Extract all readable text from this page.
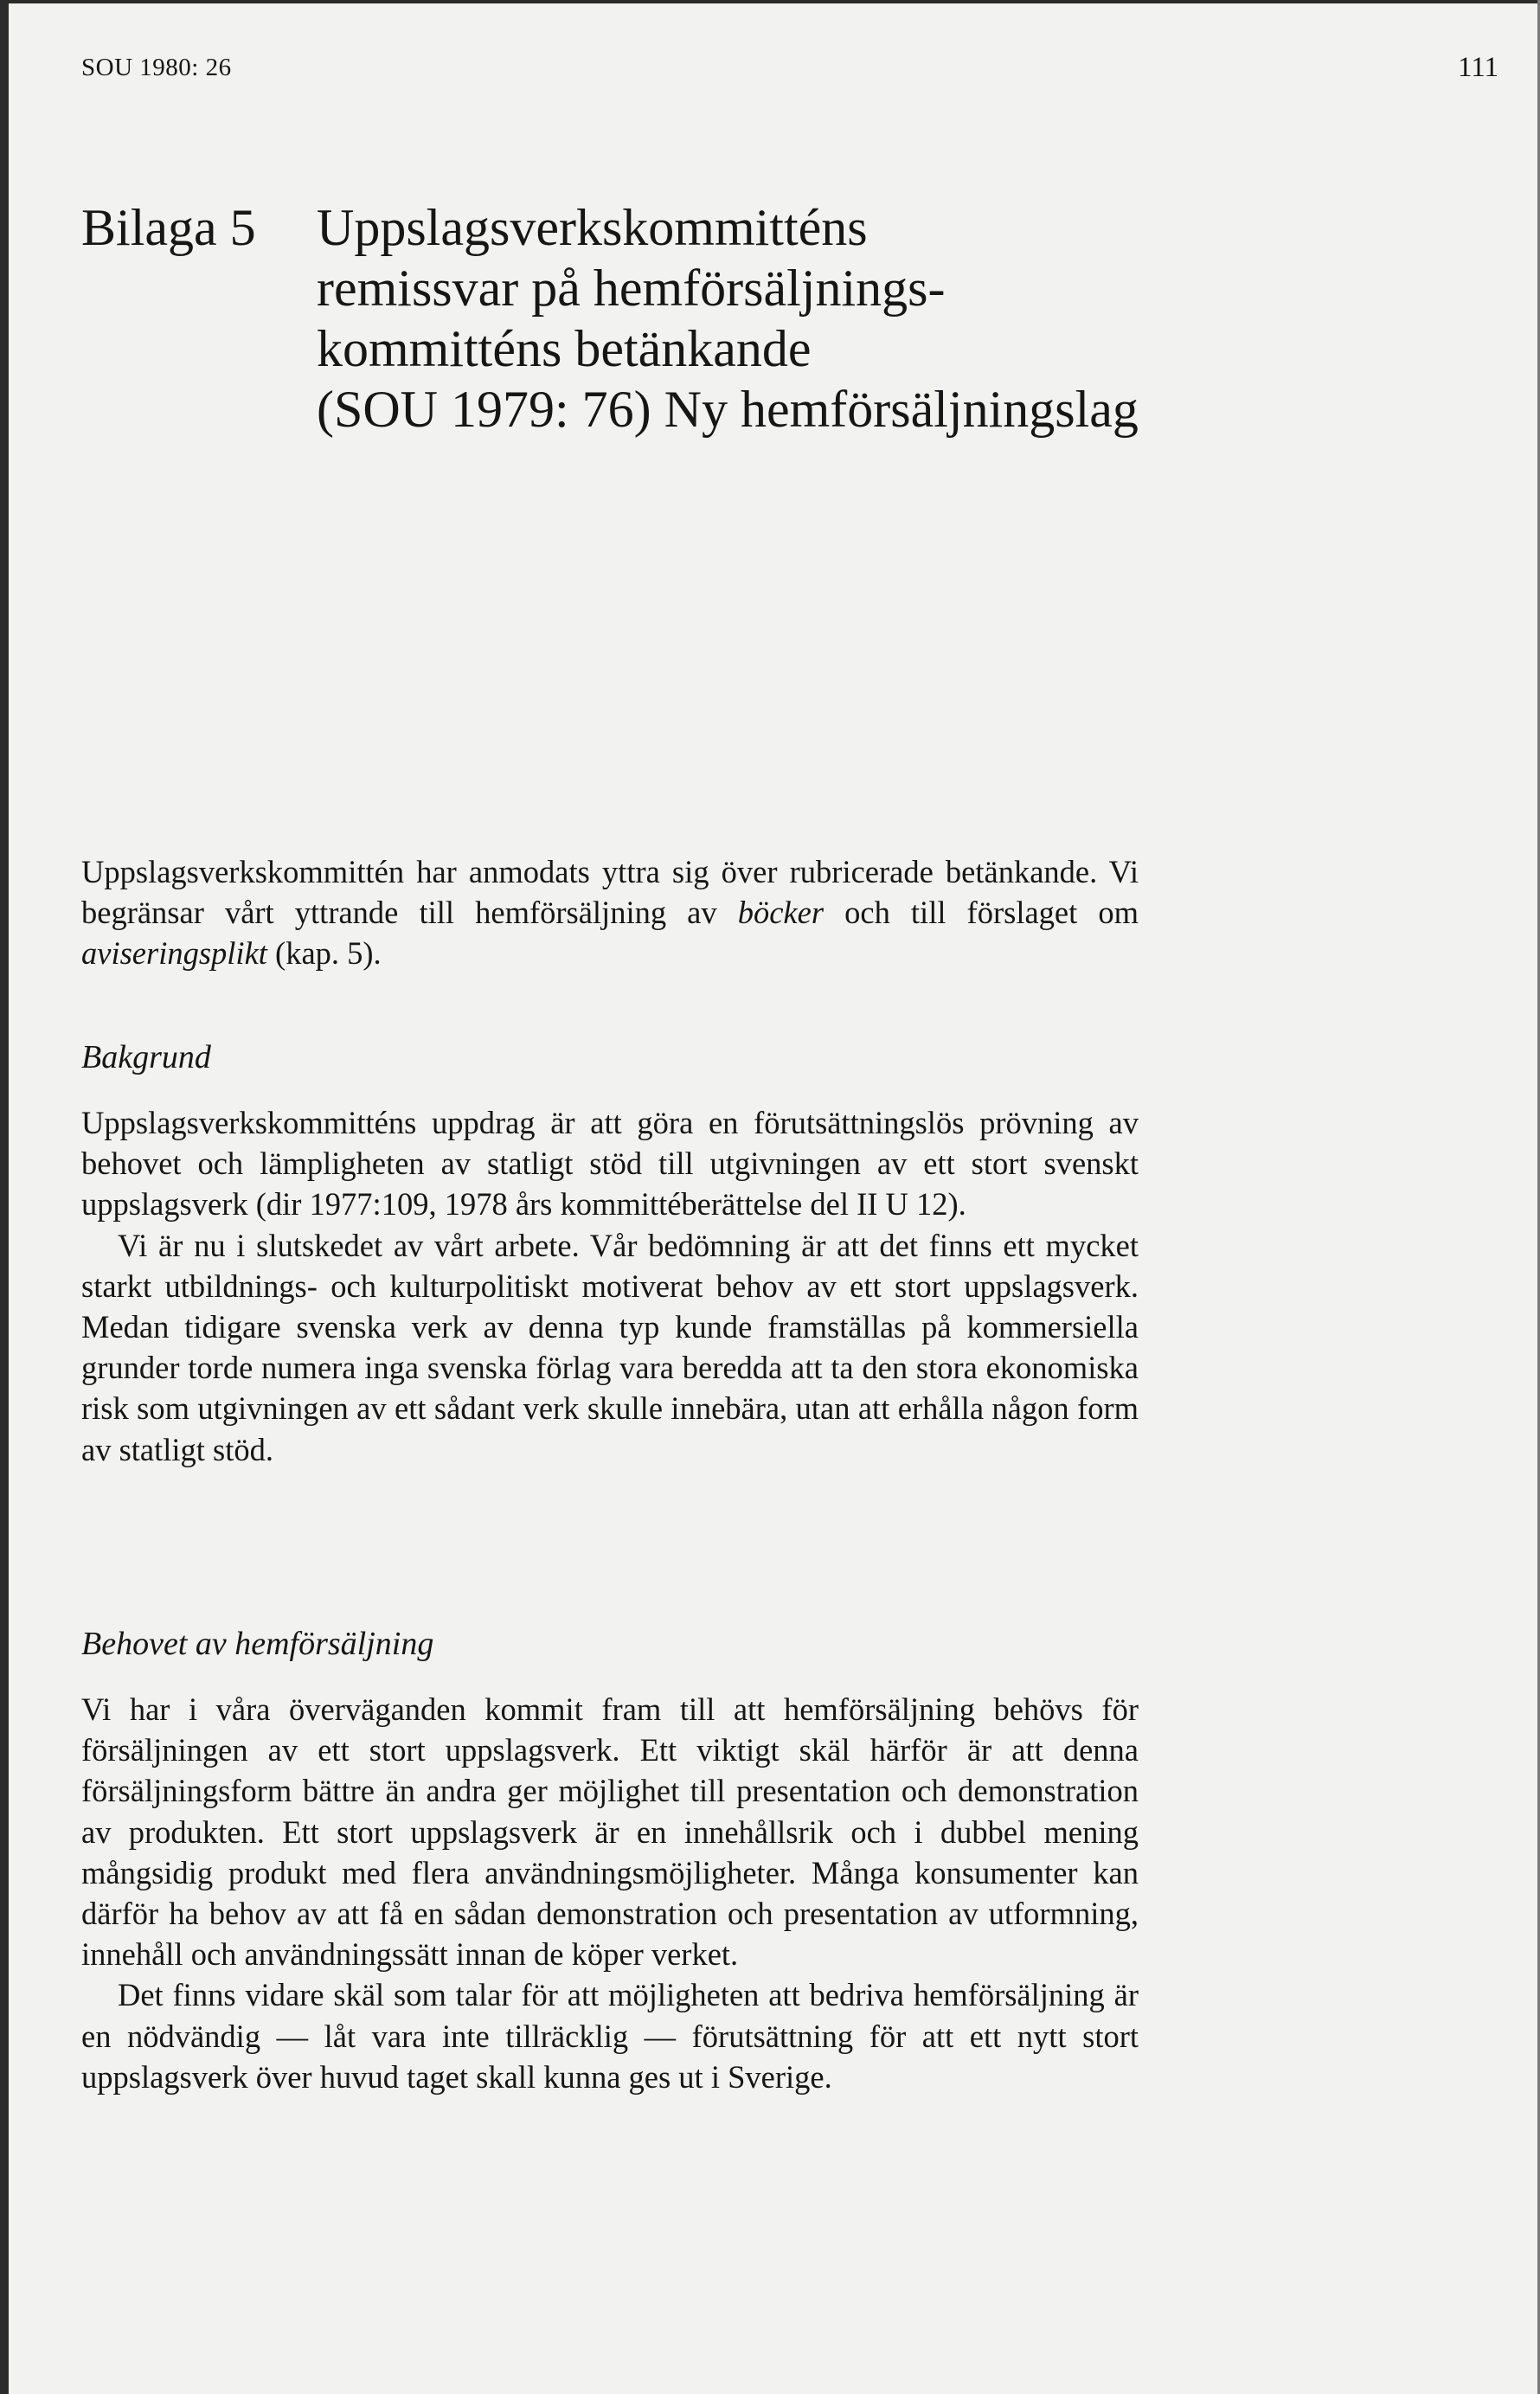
SOU 1980: 26	111
Bilaga 5 Uppslagsverkskommitténs
remissvar på hemförsäljnings-
kommitténs betänkande
(SOU 1979: 76) Ny hemförsäljningslag

Uppslagsverkskommittén har anmodats yttra sig över rubricerade betänkande. Vi begränsar vårt yttrande till hemförsäljning av böcker och till förslaget om aviseringsplikt (kap. 5).

Bakgrund

Uppslagsverkskommitténs uppdrag är att göra en förutsättningslös prövning av behovet och lämpligheten av statligt stöd till utgivningen av ett stort svenskt uppslagsverk (dir 1977:109, 1978 års kommittéberättelse del II U 12).

Vi är nu i slutskedet av vårt arbete. Vår bedömning är att det finns ett mycket starkt utbildnings- och kulturpolitiskt motiverat behov av ett stort uppslagsverk. Medan tidigare svenska verk av denna typ kunde framställas på kommersiella grunder torde numera inga svenska förlag vara beredda att ta den stora ekonomiska risk som utgivningen av ett sådant verk skulle innebära, utan att erhålla någon form av statligt stöd.

Behovet av hemförsäljning

Vi har i våra överväganden kommit fram till att hemförsäljning behövs för försäljningen av ett stort uppslagsverk. Ett viktigt skäl härför är att denna försäljningsform bättre än andra ger möjlighet till presentation och demonstration av produkten. Ett stort uppslagsverk är en innehållsrik och i dubbel mening mångsidig produkt med flera användningsmöjligheter. Många konsumenter kan därför ha behov av att få en sådan demonstration och presentation av utformning, innehåll och användningssätt innan de köper verket.

Det finns vidare skäl som talar för att möjligheten att bedriva hemförsäljning är en nödvändig — låt vara inte tillräcklig — förutsättning för att ett nytt stort uppslagsverk över huvud taget skall kunna ges ut i Sverige.
